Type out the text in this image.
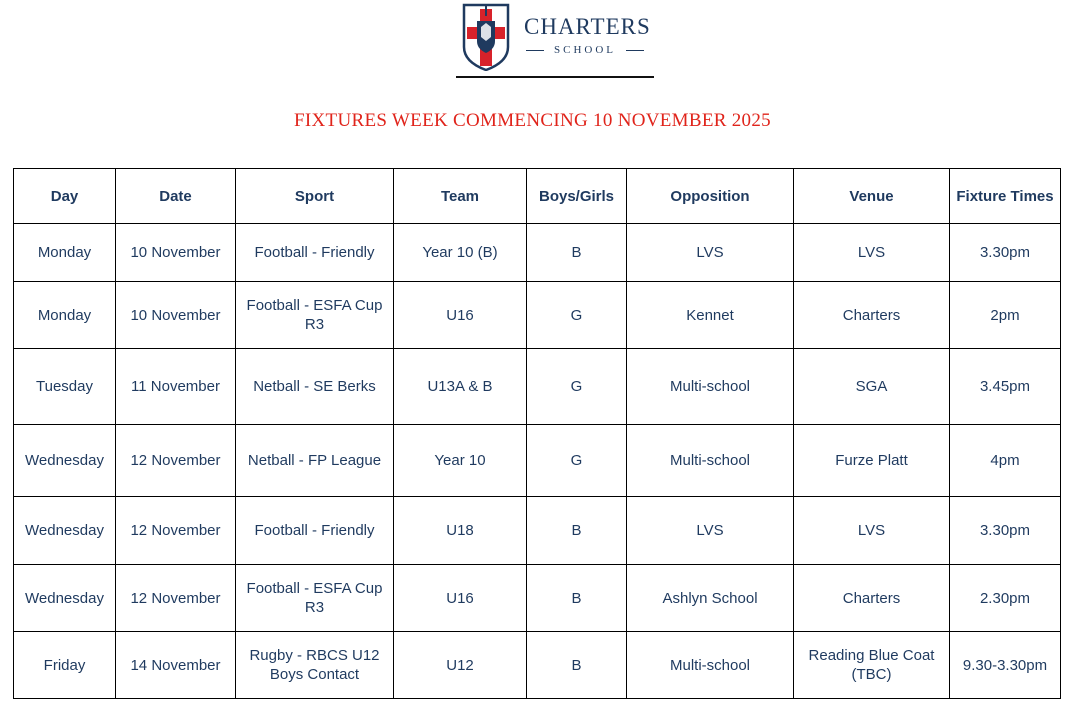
CHARTERS
SCHOOL
FIXTURES WEEK COMMENCING 10 NOVEMBER 2025
Day	Date	Sport	Team	Boys/Girls	Opposition	Venue	Fixture Times
Monday	10 November	Football - Friendly	Year 10 (B)	B	LVS	LVS	3.30pm
Monday	10 November	Football - ESFA Cup R3	U16	G	Kennet	Charters	2pm
Tuesday	11 November	Netball - SE Berks	U13A & B	G	Multi-school	SGA	3.45pm
Wednesday	12 November	Netball - FP League	Year 10	G	Multi-school	Furze Platt	4pm
Wednesday	12 November	Football - Friendly	U18	B	LVS	LVS	3.30pm
Wednesday	12 November	Football - ESFA Cup R3	U16	B	Ashlyn School	Charters	2.30pm
Friday	14 November	Rugby - RBCS U12 Boys Contact	U12	B	Multi-school	Reading Blue Coat (TBC)	9.30-3.30pm
